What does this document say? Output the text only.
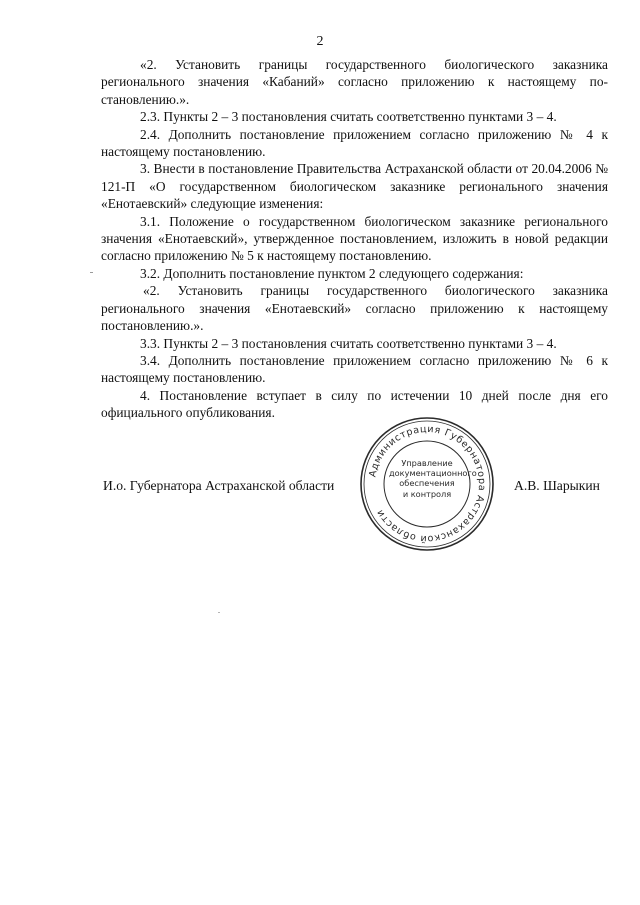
2

«2. Установить границы государственного биологического заказника регионального значения «Кабаний» согласно приложению к настоящему постановлению.».

2.3. Пункты 2 – 3 постановления считать соответственно пунктами 3 – 4.

2.4. Дополнить постановление приложением согласно приложению № 4 к настоящему постановлению.

3. Внести в постановление Правительства Астраханской области от 20.04.2006 № 121-П «О государственном биологическом заказнике регионального значения «Енотаевский» следующие изменения:

3.1. Положение о государственном биологическом заказнике регионального значения «Енотаевский», утвержденное постановлением, изложить в новой редакции согласно приложению № 5 к настоящему постановлению.

3.2. Дополнить постановление пунктом 2 следующего содержания:

«2. Установить границы государственного биологического заказника регионального значения «Енотаевский» согласно приложению к настоящему постановлению.».

3.3. Пункты 2 – 3 постановления считать соответственно пунктами 3 – 4.

3.4. Дополнить постановление приложением согласно приложению № 6 к настоящему постановлению.

4. Постановление вступает в силу по истечении 10 дней после дня его официального опубликования.

И.о. Губернатора Астраханской области	А.В. Шарыкин
Администрация Губернатора Астраханской области
Управление
документационного
обеспечения
и контроля
